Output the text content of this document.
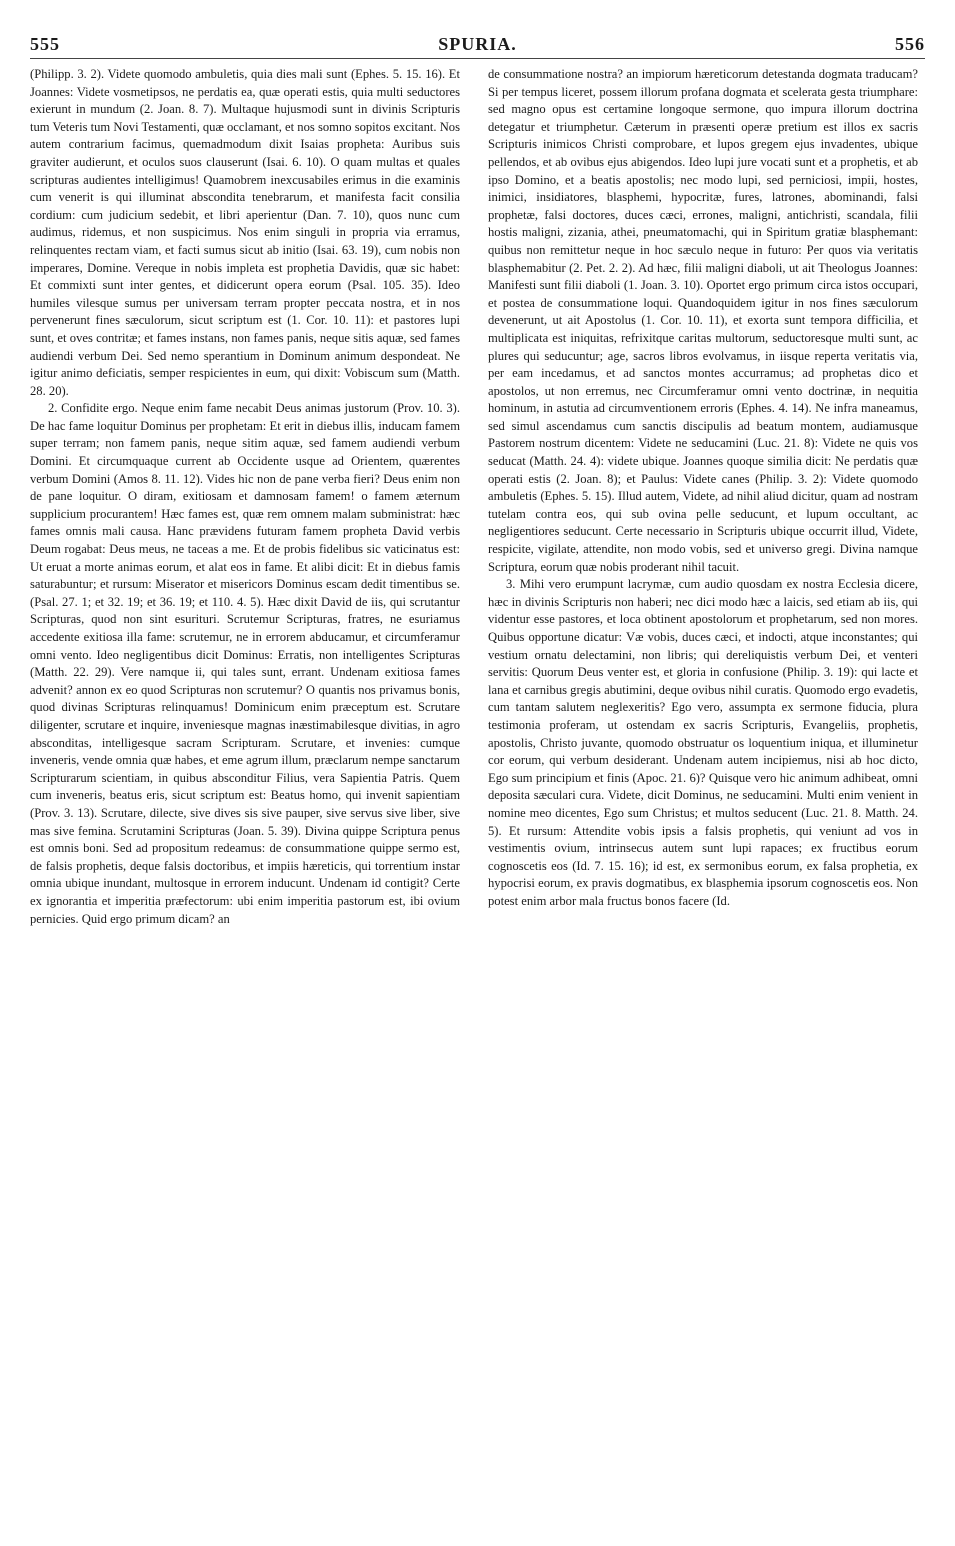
555	SPURIA.	556

(Philipp. 3. 2). Videte quomodo ambuletis, quia dies mali sunt (Ephes. 5. 15. 16). Et Joannes: Videte vosmetipsos, ne perdatis ea, quæ operati estis, quia multi seductores exierunt in mundum (2. Joan. 8. 7). Multaque hujusmodi sunt in divinis Scripturis tum Veteris tum Novi Testamenti, quæ occlamant, et nos somno sopitos excitant. Nos autem contrarium facimus, quemadmodum dixit Isaias propheta: Auribus suis graviter audierunt, et oculos suos clauserunt (Isai. 6. 10). O quam multas et quales scripturas audientes intelligimus! Quamobrem inexcusabiles erimus in die examinis cum venerit is qui illuminat abscondita tenebrarum, et manifesta facit consilia cordium: cum judicium sedebit, et libri aperientur (Dan. 7. 10), quos nunc cum audimus, ridemus, et non suspicimus. Nos enim singuli in propria via erramus, relinquentes rectam viam, et facti sumus sicut ab initio (Isai. 63. 19), cum nobis non imperares, Domine. Vereque in nobis impleta est prophetia Davidis, quæ sic habet: Et commixti sunt inter gentes, et didicerunt opera eorum (Psal. 105. 35). Ideo humiles vilesque sumus per universam terram propter peccata nostra, et in nos pervenerunt fines sæculorum, sicut scriptum est (1. Cor. 10. 11): et pastores lupi sunt, et oves contritæ; et fames instans, non fames panis, neque sitis aquæ, sed fames audiendi verbum Dei. Sed nemo sperantium in Dominum animum despondeat. Ne igitur animo deficiatis, semper respicientes in eum, qui dixit: Vobiscum sum (Matth. 28. 20).

2. Confidite ergo. Neque enim fame necabit Deus animas justorum (Prov. 10. 3). De hac fame loquitur Dominus per prophetam: Et erit in diebus illis, inducam famem super terram; non famem panis, neque sitim aquæ, sed famem audiendi verbum Domini. Et circumquaque current ab Occidente usque ad Orientem, quærentes verbum Domini (Amos 8. 11. 12). Vides hic non de pane verba fieri? Deus enim non de pane loquitur. O diram, exitiosam et damnosam famem! o famem æternum supplicium procurantem! Hæc fames est, quæ rem omnem malam subministrat: hæc fames omnis mali causa. Hanc prævidens futuram famem propheta David verbis Deum rogabat: Deus meus, ne taceas a me. Et de probis fidelibus sic vaticinatus est: Ut eruat a morte animas eorum, et alat eos in fame. Et alibi dicit: Et in diebus famis saturabuntur; et rursum: Miserator et misericors Dominus escam dedit timentibus se. (Psal. 27. 1; et 32. 19; et 36. 19; et 110. 4. 5). Hæc dixit David de iis, qui scrutantur Scripturas, quod non sint esurituri. Scrutemur Scripturas, fratres, ne esuriamus accedente exitiosa illa fame: scrutemur, ne in errorem abducamur, et circumferamur omni vento. Ideo negligentibus dicit Dominus: Erratis, non intelligentes Scripturas (Matth. 22. 29). Vere namque ii, qui tales sunt, errant. Undenam exitiosa fames advenit? annon ex eo quod Scripturas non scrutemur? O quantis nos privamus bonis, quod divinas Scripturas relinquamus! Dominicum enim præceptum est. Scrutare diligenter, scrutare et inquire, inveniesque magnas inæstimabilesque divitias, in agro absconditas, intelligesque sacram Scripturam. Scrutare, et invenies: cumque inveneris, vende omnia quæ habes, et eme agrum illum, præclarum nempe sanctarum Scripturarum scientiam, in quibus absconditur Filius, vera Sapientia Patris. Quem cum inveneris, beatus eris, sicut scriptum est: Beatus homo, qui invenit sapientiam (Prov. 3. 13). Scrutare, dilecte, sive dives sis sive pauper, sive servus sive liber, sive mas sive femina. Scrutamini Scripturas (Joan. 5. 39). Divina quippe Scriptura penus est omnis boni. Sed ad propositum redeamus: de consummatione quippe sermo est, de falsis prophetis, deque falsis doctoribus, et impiis hæreticis, qui torrentium instar omnia ubique inundant, multosque in errorem inducunt. Undenam id contigit? Certe ex ignorantia et imperitia præfectorum: ubi enim imperitia pastorum est, ibi ovium pernicies. Quid ergo primum dicam? an

de consummatione nostra? an impiorum hæreticorum detestanda dogmata traducam? Si per tempus liceret, possem illorum profana dogmata et scelerata gesta triumphare: sed magno opus est certamine longoque sermone, quo impura illorum doctrina detegatur et triumphetur. Cæterum in præsenti operæ pretium est illos ex sacris Scripturis inimicos Christi comprobare, et lupos gregem ejus invadentes, ubique pellendos, et ab ovibus ejus abigendos. Ideo lupi jure vocati sunt et a prophetis, et ab ipso Domino, et a beatis apostolis; nec modo lupi, sed perniciosi, impii, hostes, inimici, insidiatores, blasphemi, hypocritæ, fures, latrones, abominandi, falsi prophetæ, falsi doctores, duces cæci, errones, maligni, antichristi, scandala, filii hostis maligni, zizania, athei, pneumatomachi, qui in Spiritum gratiæ blasphemant: quibus non remittetur neque in hoc sæculo neque in futuro: Per quos via veritatis blasphemabitur (2. Pet. 2. 2). Ad hæc, filii maligni diaboli, ut ait Theologus Joannes: Manifesti sunt filii diaboli (1. Joan. 3. 10). Oportet ergo primum circa istos occupari, et postea de consummatione loqui. Quandoquidem igitur in nos fines sæculorum devenerunt, ut ait Apostolus (1. Cor. 10. 11), et exorta sunt tempora difficilia, et multiplicata est iniquitas, refrixitque caritas multorum, seductoresque multi sunt, ac plures qui seducuntur; age, sacros libros evolvamus, in iisque reperta veritatis via, per eam incedamus, et ad sanctos montes accurramus; ad prophetas dico et apostolos, ut non erremus, nec Circumferamur omni vento doctrinæ, in nequitia hominum, in astutia ad circumventionem erroris (Ephes. 4. 14). Ne infra maneamus, sed simul ascendamus cum sanctis discipulis ad beatum montem, audiamusque Pastorem nostrum dicentem: Videte ne seducamini (Luc. 21. 8): Videte ne quis vos seducat (Matth. 24. 4): videte ubique. Joannes quoque similia dicit: Ne perdatis quæ operati estis (2. Joan. 8); et Paulus: Videte canes (Philip. 3. 2): Videte quomodo ambuletis (Ephes. 5. 15). Illud autem, Videte, ad nihil aliud dicitur, quam ad nostram tutelam contra eos, qui sub ovina pelle seducunt, et lupum occultant, ac negligentiores seducunt. Certe necessario in Scripturis ubique occurrit illud, Videte, respicite, vigilate, attendite, non modo vobis, sed et universo gregi. Divina namque Scriptura, eorum quæ nobis proderant nihil tacuit.

3. Mihi vero erumpunt lacrymæ, cum audio quosdam ex nostra Ecclesia dicere, hæc in divinis Scripturis non haberi; nec dici modo hæc a laicis, sed etiam ab iis, qui videntur esse pastores, et loca obtinent apostolorum et prophetarum, sed non mores. Quibus opportune dicatur: Væ vobis, duces cæci, et indocti, atque inconstantes; qui vestium ornatu delectamini, non libris; qui dereliquistis verbum Dei, et venteri servitis: Quorum Deus venter est, et gloria in confusione (Philip. 3. 19): qui lacte et lana et carnibus gregis abutimini, deque ovibus nihil curatis. Quomodo ergo evadetis, cum tantam salutem neglexeritis? Ego vero, assumpta ex sermone fiducia, plura testimonia proferam, ut ostendam ex sacris Scripturis, Evangeliis, prophetis, apostolis, Christo juvante, quomodo obstruatur os loquentium iniqua, et illuminetur cor eorum, qui verbum desiderant. Undenam autem incipiemus, nisi ab hoc dicto, Ego sum principium et finis (Apoc. 21. 6)? Quisque vero hic animum adhibeat, omni deposita sæculari cura. Videte, dicit Dominus, ne seducamini. Multi enim venient in nomine meo dicentes, Ego sum Christus; et multos seducent (Luc. 21. 8. Matth. 24. 5). Et rursum: Attendite vobis ipsis a falsis prophetis, qui veniunt ad vos in vestimentis ovium, intrinsecus autem sunt lupi rapaces; ex fructibus eorum cognoscetis eos (Id. 7. 15. 16); id est, ex sermonibus eorum, ex falsa prophetia, ex hypocrisi eorum, ex pravis dogmatibus, ex blasphemia ipsorum cognoscetis eos. Non potest enim arbor mala fructus bonos facere (Id.
